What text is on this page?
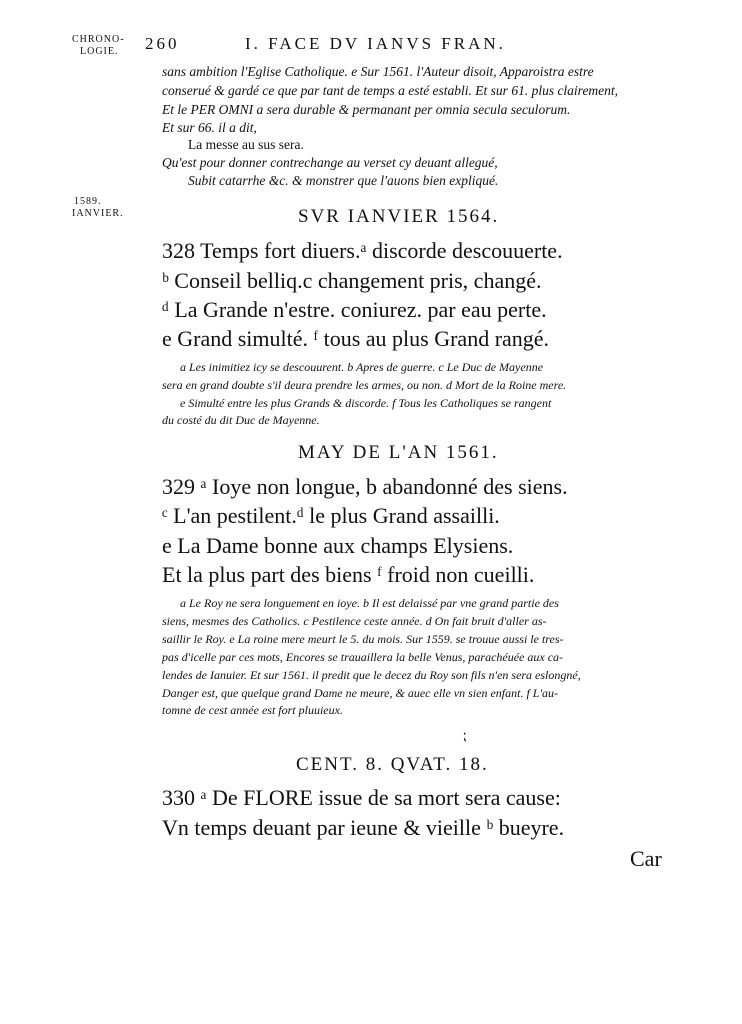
CHRONO-
LOGIE. 260	I. FACE DV IANVS FRAN.
sans ambition l'Eglise Catholique. e Sur 1561. l'Auteur disoit, Apparoistra estre
conserué & gardé ce que par tant de temps a esté establi. Et sur 61. plus clairement,
Et le PER OMNI a sera durable & permanant per omnia secula seculorum.
Et sur 66. il a dit,
La messe au sus sera.
Qu'est pour donner contrechange au verset cy deuant allegué,
Subit catarrhe &c. & monstrer que l'auons bien expliqué.
1589.
IANVIER.	SVR IANVIER 1564.
328 Temps fort diuers.ᵃ discorde descouuerte.
ᵇ Conseil belliq.c changement pris, changé.
ᵈ La Grande n'estre. coniurez. par eau perte.
e Grand simulté. ᶠ tous au plus Grand rangé.
a Les inimitiez icy se descouurent. b Apres de guerre. c Le Duc de Mayenne
sera en grand doubte s'il deura prendre les armes, ou non. d Mort de la Roine mere.
e Simulté entre les plus Grands & discorde. f Tous les Catholiques se rangent
du costé du dit Duc de Mayenne.
MAY DE L'AN 1561.
329 ᵃ Ioye non longue, b abandonné des siens.
ᶜ L'an pestilent.ᵈ le plus Grand assailli.
e La Dame bonne aux champs Elysiens.
Et la plus part des biens ᶠ froid non cueilli.
a Le Roy ne sera longuement en ioye. b Il est delaissé par vne grand partie des
siens, mesmes des Catholics. c Pestilence ceste année. d On fait bruit d'aller as-
saillir le Roy. e La roine mere meurt le 5. du mois. Sur 1559. se trouue aussi le tres-
pas d'icelle par ces mots, Encores se trauaillera la belle Venus, parachéuée aux ca-
lendes de Ianuier. Et sur 1561. il predit que le decez du Roy son fils n'en sera eslongné,
Danger est, que quelque grand Dame ne meure, & auec elle vn sien enfant. f L'au-
tomne de cest année est fort pluuieux.
⁏
CENT. 8. QVAT. 18.
330 ᵃ De FLORE issue de sa mort sera cause:
Vn temps deuant par ieune & vieille ᵇ bueyre.
Car
